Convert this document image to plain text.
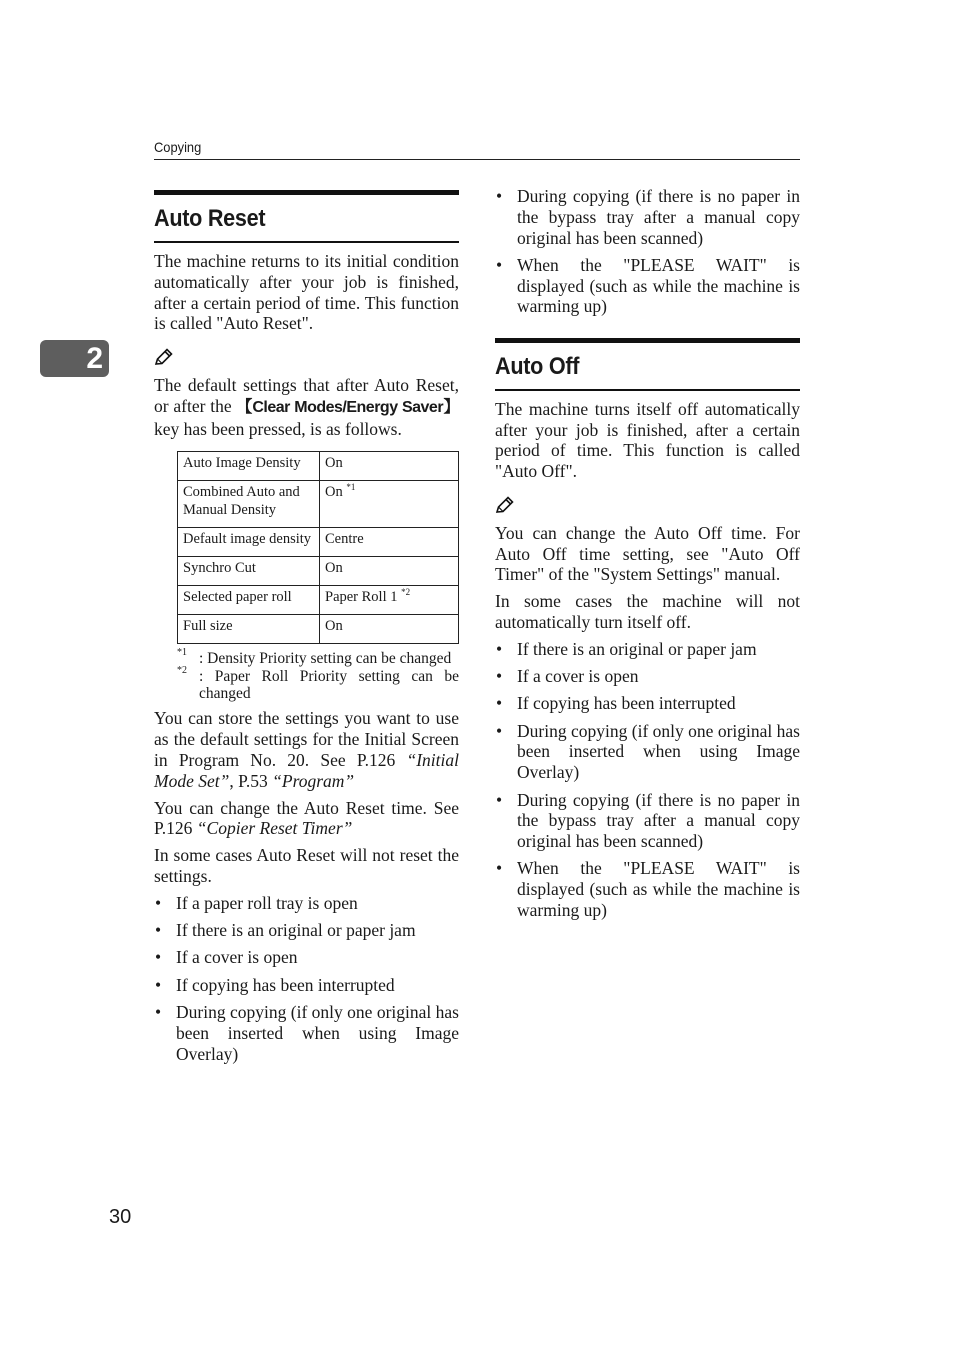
Copying
2
Auto Reset

The machine returns to its initial condition automatically after your job is finished, after a certain period of time. This function is called "Auto Reset".

The default settings that after Auto Reset, or after the 【Clear Modes/Energy Saver】 key has been pressed, is as follows.

Auto Image Density	On
Combined Auto and Manual Density	On $^{*1}$
Default image density	Centre
Synchro Cut	On
Selected paper roll	Paper Roll 1 $^{*2}$
Full size	On
*1 : Density Priority setting can be changed
*2 : Paper Roll Priority setting can be changed

You can store the settings you want to use as the default settings for the Initial Screen in Program No. 20. See P.126 “Initial Mode Set”, P.53 “Program”

You can change the Auto Reset time. See P.126 “Copier Reset Timer”

In some cases Auto Reset will not reset the settings.

• If a paper roll tray is open
• If there is an original or paper jam
• If a cover is open
• If copying has been interrupted
• During copying (if only one original has been inserted when using Image Overlay)
• During copying (if there is no paper in the bypass tray after a manual copy original has been scanned)
• When the "PLEASE WAIT" is displayed (such as while the machine is warming up)
Auto Off

The machine turns itself off automatically after your job is finished, after a certain period of time. This function is called "Auto Off".

You can change the Auto Off time. For Auto Off time setting, see "Auto Off Timer" of the "System Settings" manual.

In some cases the machine will not automatically turn itself off.

• If there is an original or paper jam
• If a cover is open
• If copying has been interrupted
• During copying (if only one original has been inserted when using Image Overlay)
• During copying (if there is no paper in the bypass tray after a manual copy original has been scanned)
• When the "PLEASE WAIT" is displayed (such as while the machine is warming up)
30
